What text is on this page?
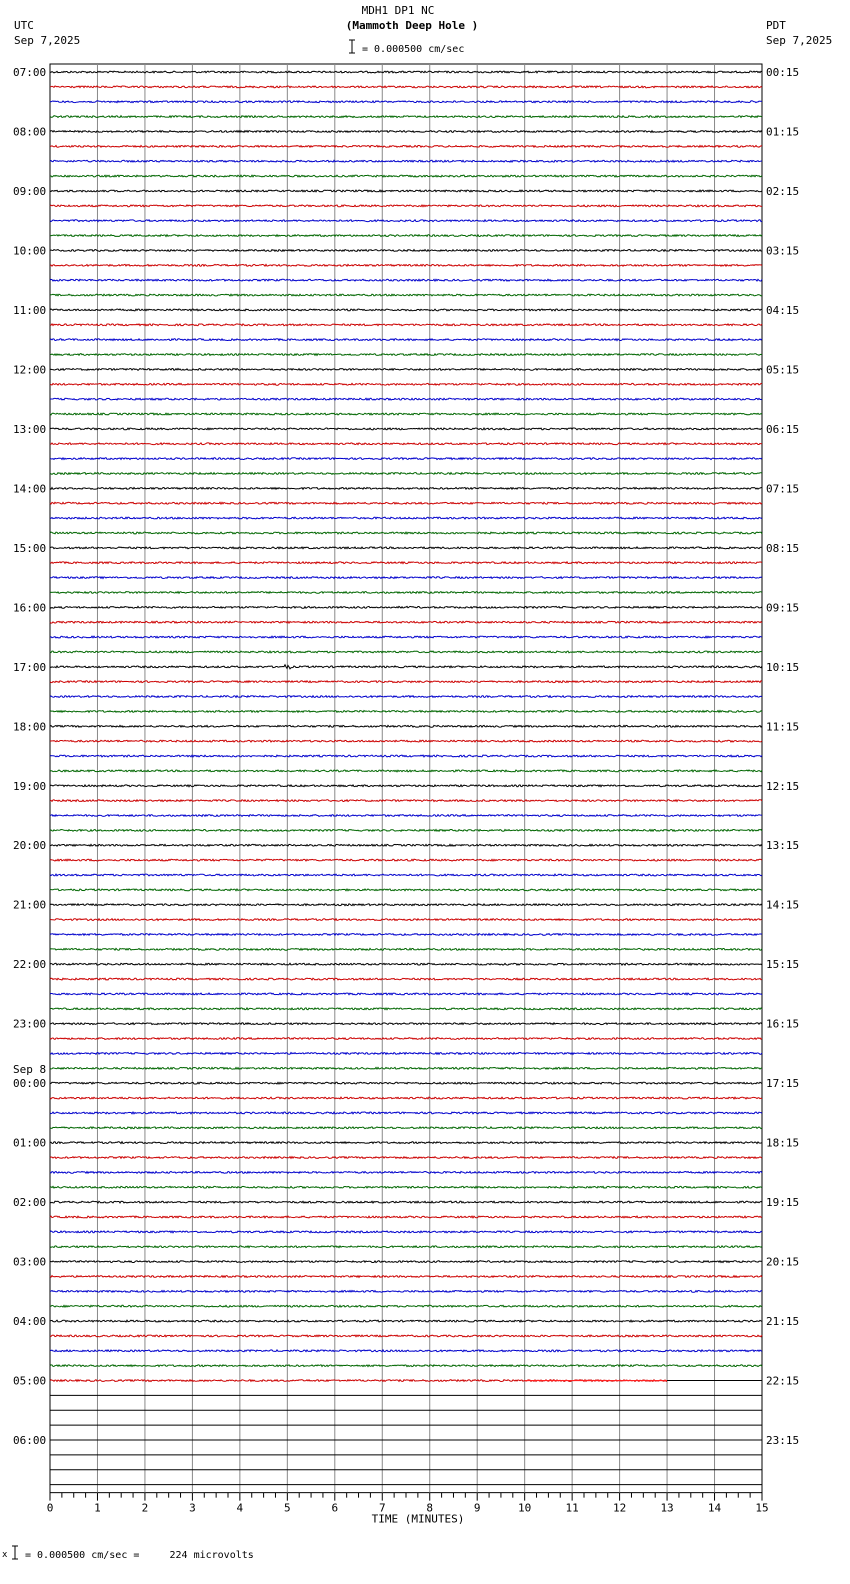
MDH1 DP1 NC
(Mammoth Deep Hole )
UTC
Sep 7,2025
PDT
Sep 7,2025
= 0.000500 cm/sec
x = 0.000500 cm/sec =     224 microvolts
07:00
08:00
09:00
10:00
11:00
12:00
13:00
14:00
15:00
16:00
17:00
18:00
19:00
20:00
21:00
22:00
23:00
00:00
01:00
02:00
03:00
04:00
05:00
06:00
Sep 8
00:15
01:15
02:15
03:15
04:15
05:15
06:15
07:15
08:15
09:15
10:15
11:15
12:15
13:15
14:15
15:15
16:15
17:15
18:15
19:15
20:15
21:15
22:15
23:15
0	1	2	3	4	5	6	7	8	9	10	11	12	13	14	15
TIME (MINUTES)
